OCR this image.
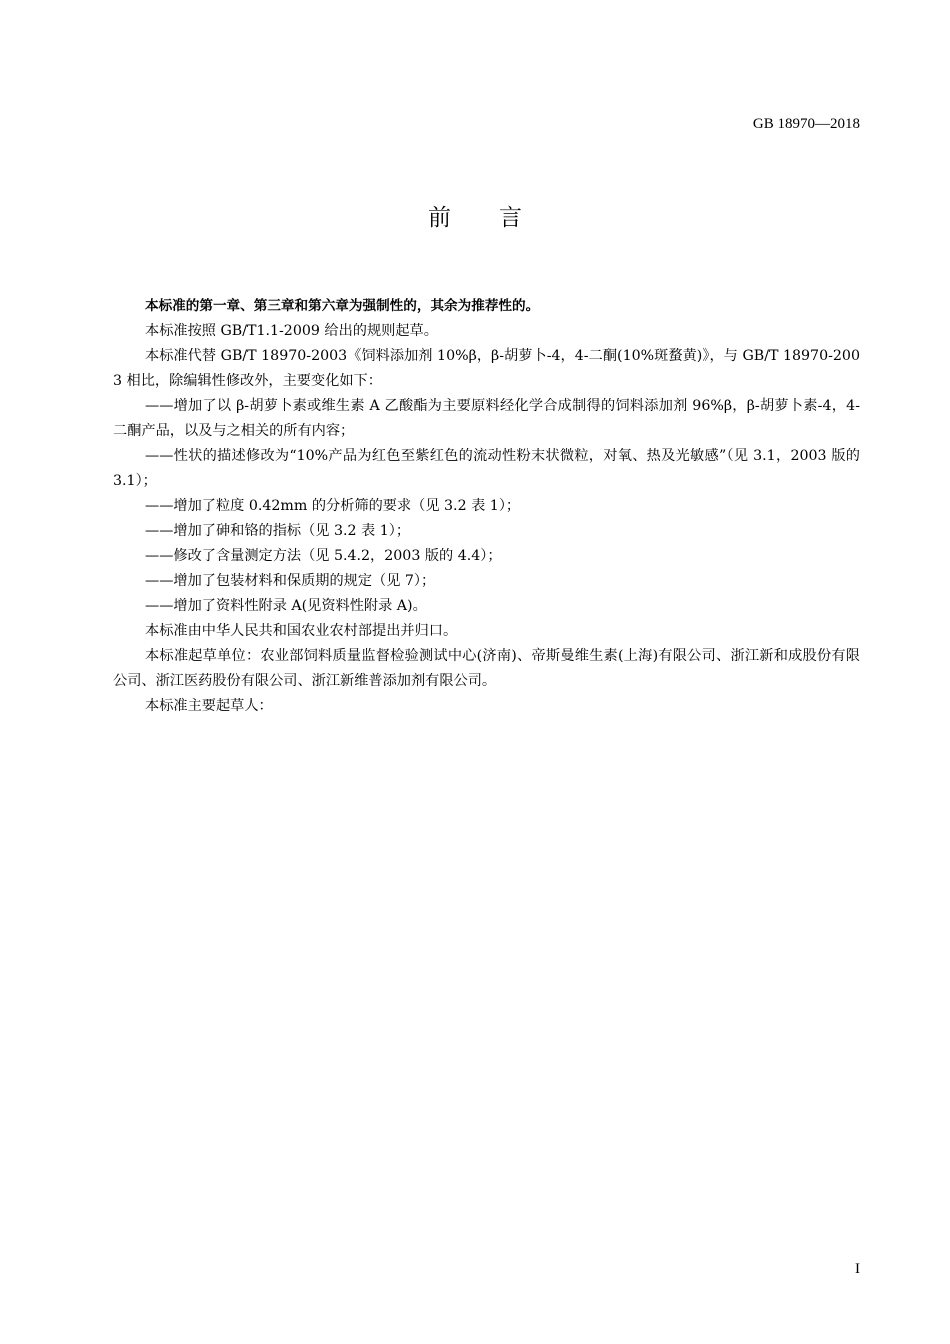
GB 18970—2018
前 言

本标准的第一章、第三章和第六章为强制性的，其余为推荐性的。

本标准按照 GB/T1.1-2009 给出的规则起草。

本标准代替 GB/T 18970-2003《饲料添加剂 10%β，β-胡萝卜-4，4-二酮(10%斑蝥黄)》，与 GB/T 18970-2003 相比，除编辑性修改外，主要变化如下：

——增加了以 β-胡萝卜素或维生素 A 乙酸酯为主要原料经化学合成制得的饲料添加剂 96%β，β-胡萝卜素-4，4-二酮产品，以及与之相关的所有内容；

——性状的描述修改为“10%产品为红色至紫红色的流动性粉末状微粒，对氧、热及光敏感”（见 3.1，2003 版的 3.1）；

——增加了粒度 0.42mm 的分析筛的要求（见 3.2 表 1）；

——增加了砷和铬的指标（见 3.2 表 1）；

——修改了含量测定方法（见 5.4.2，2003 版的 4.4）；

——增加了包装材料和保质期的规定（见 7）；

——增加了资料性附录 A(见资料性附录 A)。

本标准由中华人民共和国农业农村部提出并归口。

本标准起草单位：农业部饲料质量监督检验测试中心(济南)、帝斯曼维生素(上海)有限公司、浙江新和成股份有限公司、浙江医药股份有限公司、浙江新维普添加剂有限公司。

本标准主要起草人：

I
